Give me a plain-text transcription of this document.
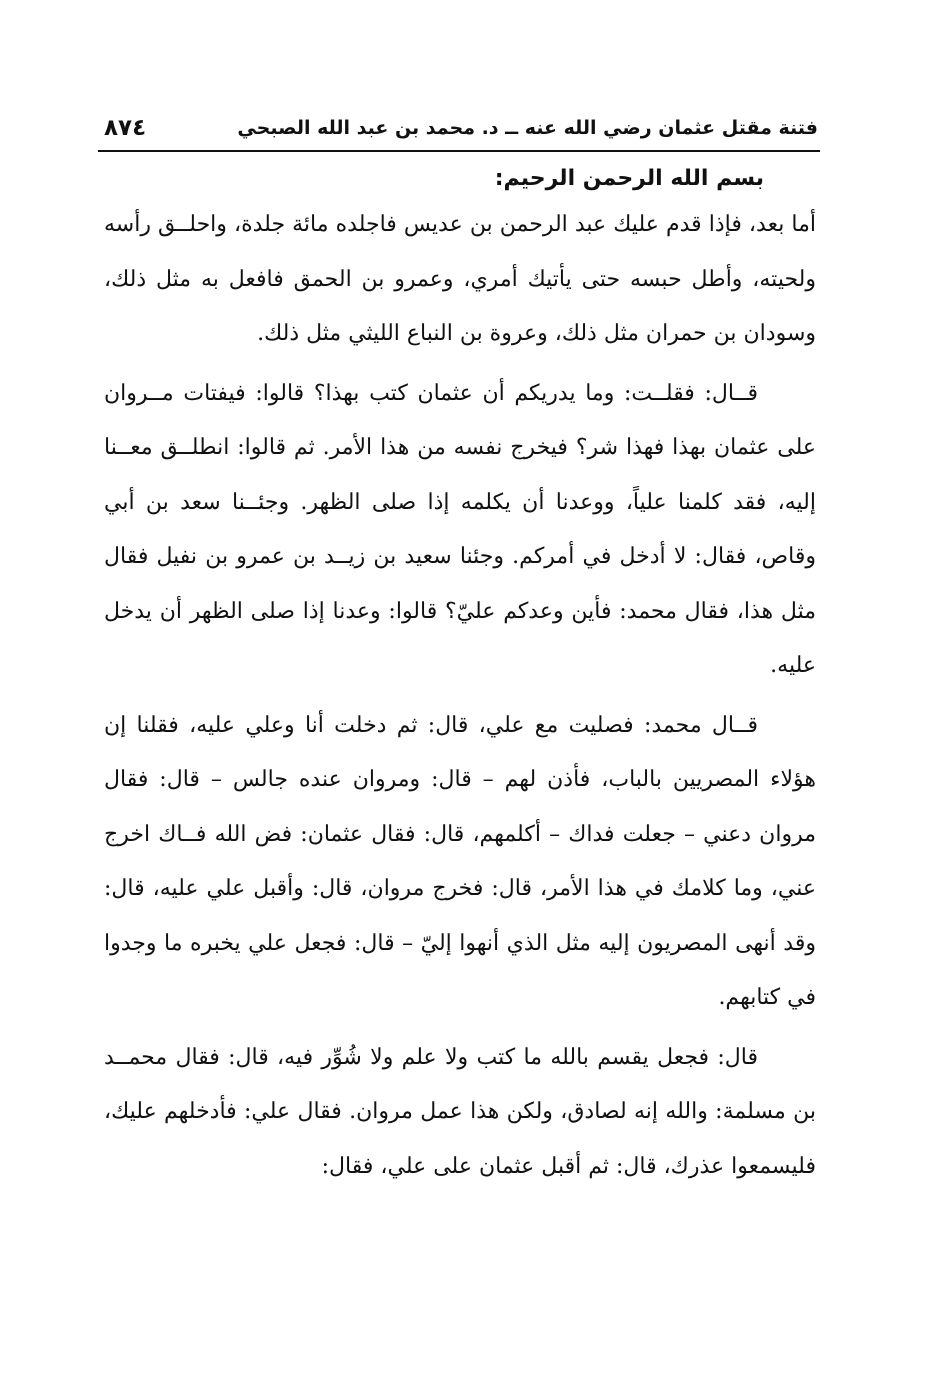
فتنة مقتل عثمان رضي الله عنه ــ د. محمد بن عبد الله الصبحي
٨٧٤

بسم الله الرحمن الرحيم:

أما بعد، فإذا قدم عليك عبد الرحمن بن عديس فاجلده مائة جلدة، واحلــق رأسه ولحيته، وأطل حبسه حتى يأتيك أمري، وعمرو بن الحمق فافعل به مثل ذلك، وسودان بن حمران مثل ذلك، وعروة بن النباع الليثي مثل ذلك.

قــال: فقلــت: وما يدريكم أن عثمان كتب بهذا؟ قالوا: فيفتات مــروان على عثمان بهذا فهذا شر؟ فيخرج نفسه من هذا الأمر. ثم قالوا: انطلــق معــنا إليه، فقد كلمنا علياً، ووعدنا أن يكلمه إذا صلى الظهر. وجئــنا سعد بن أبي وقاص، فقال: لا أدخل في أمركم. وجئنا سعيد بن زيــد بن عمرو بن نفيل فقال مثل هذا، فقال محمد: فأين وعدكم عليّ؟ قالوا: وعدنا إذا صلى الظهر أن يدخل عليه.

قــال محمد: فصليت مع علي، قال: ثم دخلت أنا وعلي عليه، فقلنا إن هؤلاء المصريين بالباب، فأذن لهم – قال: ومروان عنده جالس – قال: فقال مروان دعني – جعلت فداك – أكلمهم، قال: فقال عثمان: فض الله فــاك اخرج عني، وما كلامك في هذا الأمر، قال: فخرج مروان، قال: وأقبل علي عليه، قال: وقد أنهى المصريون إليه مثل الذي أنهوا إليّ – قال: فجعل علي يخبره ما وجدوا في كتابهم.

قال: فجعل يقسم بالله ما كتب ولا علم ولا شُوِّر فيه، قال: فقال محمــد بن مسلمة: والله إنه لصادق، ولكن هذا عمل مروان. فقال علي: فأدخلهم عليك، فليسمعوا عذرك، قال: ثم أقبل عثمان على علي، فقال:
